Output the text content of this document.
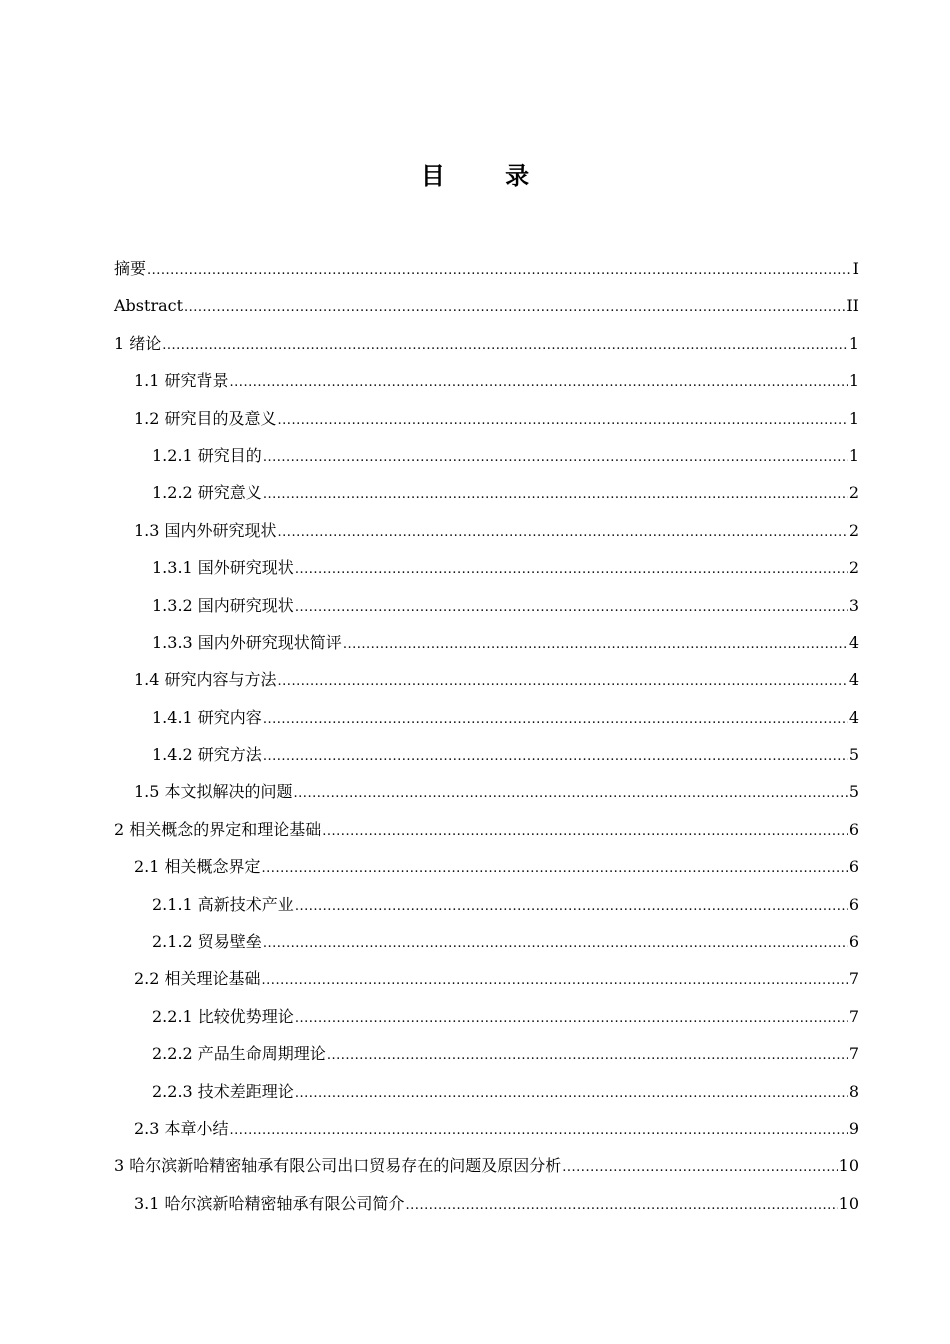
目 录
摘要 .....	I
Abstract .....	II
1 绪论 .....	1
1.1 研究背景 .....	1
1.2 研究目的及意义 .....	1
1.2.1 研究目的 .....	1
1.2.2 研究意义 .....	2
1.3 国内外研究现状 .....	2
1.3.1 国外研究现状 .....	2
1.3.2 国内研究现状 .....	3
1.3.3 国内外研究现状简评 .....	4
1.4 研究内容与方法 .....	4
1.4.1 研究内容 .....	4
1.4.2 研究方法 .....	5
1.5 本文拟解决的问题 .....	5
2 相关概念的界定和理论基础 .....	6
2.1 相关概念界定 .....	6
2.1.1 高新技术产业 .....	6
2.1.2 贸易壁垒 .....	6
2.2 相关理论基础 .....	7
2.2.1 比较优势理论 .....	7
2.2.2 产品生命周期理论 .....	7
2.2.3 技术差距理论 .....	8
2.3 本章小结 .....	9
3 哈尔滨新哈精密轴承有限公司出口贸易存在的问题及原因分析 .....	10
3.1 哈尔滨新哈精密轴承有限公司简介 .....	10
